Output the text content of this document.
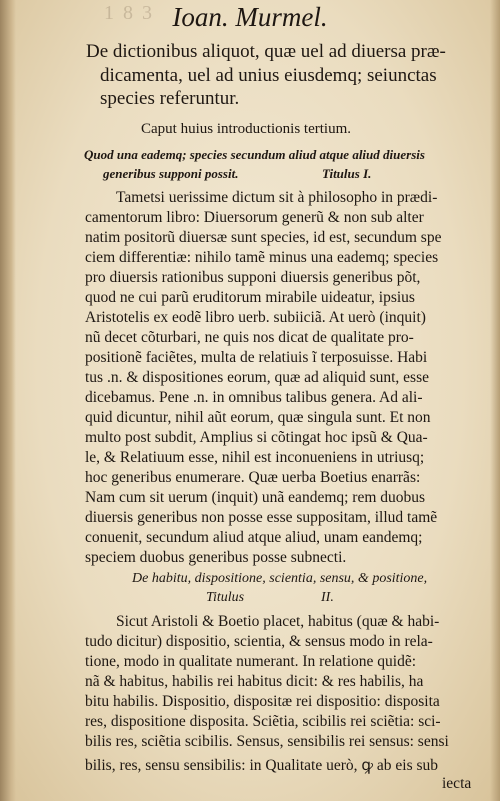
1 8 3 Ioan. Murmel.
De dictionibus aliquot, quæ uel ad diuersa præ-
dicamenta, uel ad unius eiusdemq; seiunctas
species referuntur.
Caput huius introductionis tertium.
Quod una eademq; species secundum aliud atque aliud diuersis
generibus supponi possit.	Titulus I.
Tametsi uerissime dictum sit à philosopho in prædi-
camentorum libro: Diuersorum generũ & non sub alter
natim positorũ diuersæ sunt species, id est, secundum spe
ciem differentiæ: nihilo tamẽ minus una eademq; species
pro diuersis rationibus supponi diuersis generibus põt,
quod ne cui parũ eruditorum mirabile uideatur, ipsius
Aristotelis ex eodẽ libro uerb. subiiciã. At uerò (inquit)
nũ decet cõturbari, ne quis nos dicat de qualitate pro-
positionẽ faciẽtes, multa de relatiuis ĩ terposuisse. Habi
tus .n. & dispositiones eorum, quæ ad aliquid sunt, esse
dicebamus. Pene .n. in omnibus talibus genera. Ad ali-
quid dicuntur, nihil aũt eorum, quæ singula sunt. Et non
multo post subdit, Amplius si cõtingat hoc ipsũ & Qua-
le, & Relatiuum esse, nihil est inconueniens in utriusq;
hoc generibus enumerare. Quæ uerba Boetius enarrãs:
Nam cum sit uerum (inquit) unã eandemq; rem duobus
diuersis generibus non posse esse suppositam, illud tamẽ
conuenit, secundum aliud atque aliud, unam eandemq;
speciem duobus generibus posse subnecti.
De habitu, dispositione, scientia, sensu, & positione,
Titulus	II.
Sicut Aristoli & Boetio placet, habitus (quæ & habi-
tudo dicitur) dispositio, scientia, & sensus modo in rela-
tione, modo in qualitate numerant. In relatione quidẽ:
nã & habitus, habilis rei habitus dicit: & res habilis, ha
bitu habilis. Dispositio, dispositæ rei dispositio: disposita
res, dispositione disposita. Sciẽtia, scibilis rei sciẽtia: sci-
bilis res, sciẽtia scibilis. Sensus, sensibilis rei sensus: sensi
bilis, res, sensu sensibilis: in Qualitate uerò, ꝙ ab eis sub
iecta
